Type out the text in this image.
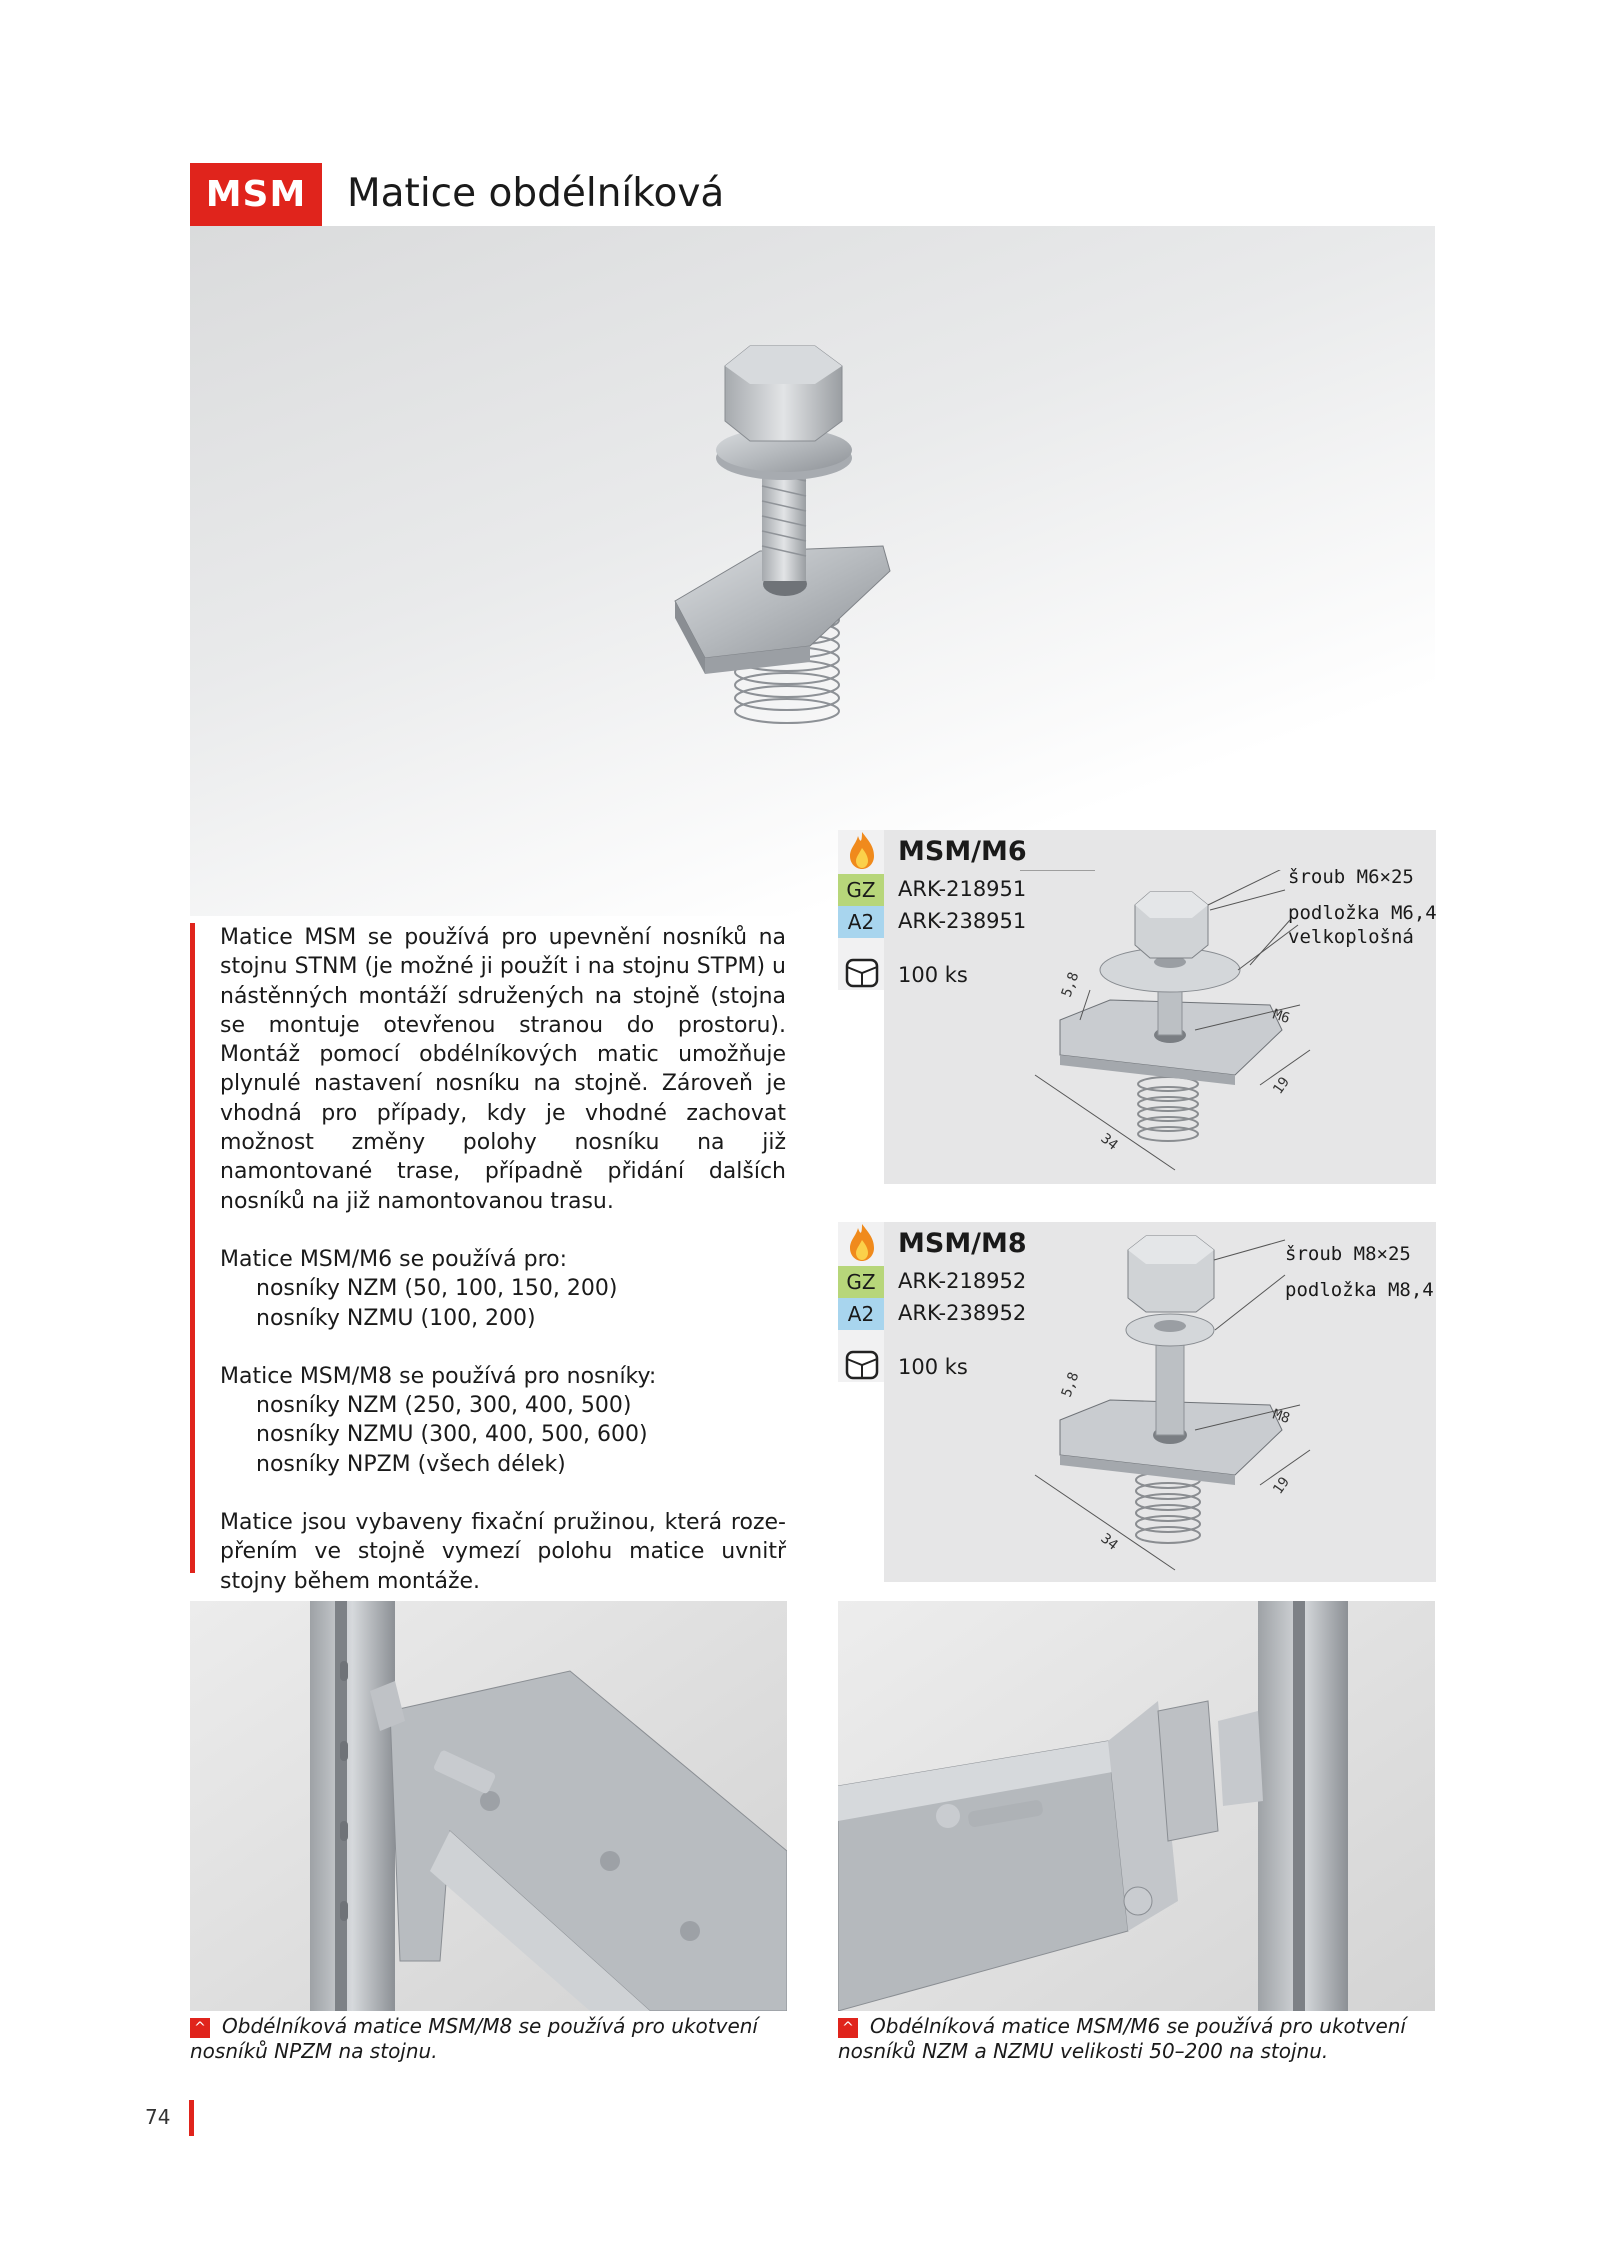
MSM	Matice obdélníková

Matice MSM se používá pro upevnění nosníků na stojnu STNM (je možné ji použít i na stojnu STPM) u nástěnných montáží sdružených na stojně (stojna se montuje otevřenou stranou do prostoru). Montáž pomocí obdélníkových matic umožňuje plynulé nastavení nosníku na stojně. Zároveň je vhodná pro případy, kdy je vhodné zachovat možnost změny polohy nosníku na již namontované trase, případně přidání dalších nosníků na již namontovanou trasu.

Matice MSM/M6 se používá pro:
nosníky NZM (50, 100, 150, 200)
nosníky NZMU (100, 200)
Matice MSM/M8 se používá pro nosníky:
nosníky NZM (250, 300, 400, 500)
nosníky NZMU (300, 400, 500, 600)
nosníky NPZM (všech délek)

Matice jsou vybaveny fixační pružinou, která rozepřením ve stojně vymezí polohu matice uvnitř stojny během montáže.

MSM/M6
GZ	ARK-218951
A2	ARK-238951
100 ks
šroub M6×25
podložka M6,4
velkoplošná
M6
5,8
34
19
MSM/M8
GZ	ARK-218952
A2	ARK-238952
100 ks
šroub M8×25
podložka M8,4
M8
5,8
34
19
^ Obdélníková matice MSM/M8 se používá pro ukotvení nosníků NPZM na stojnu.
^ Obdélníková matice MSM/M6 se používá pro ukotvení nosníků NZM a NZMU velikosti 50–200 na stojnu.
74
